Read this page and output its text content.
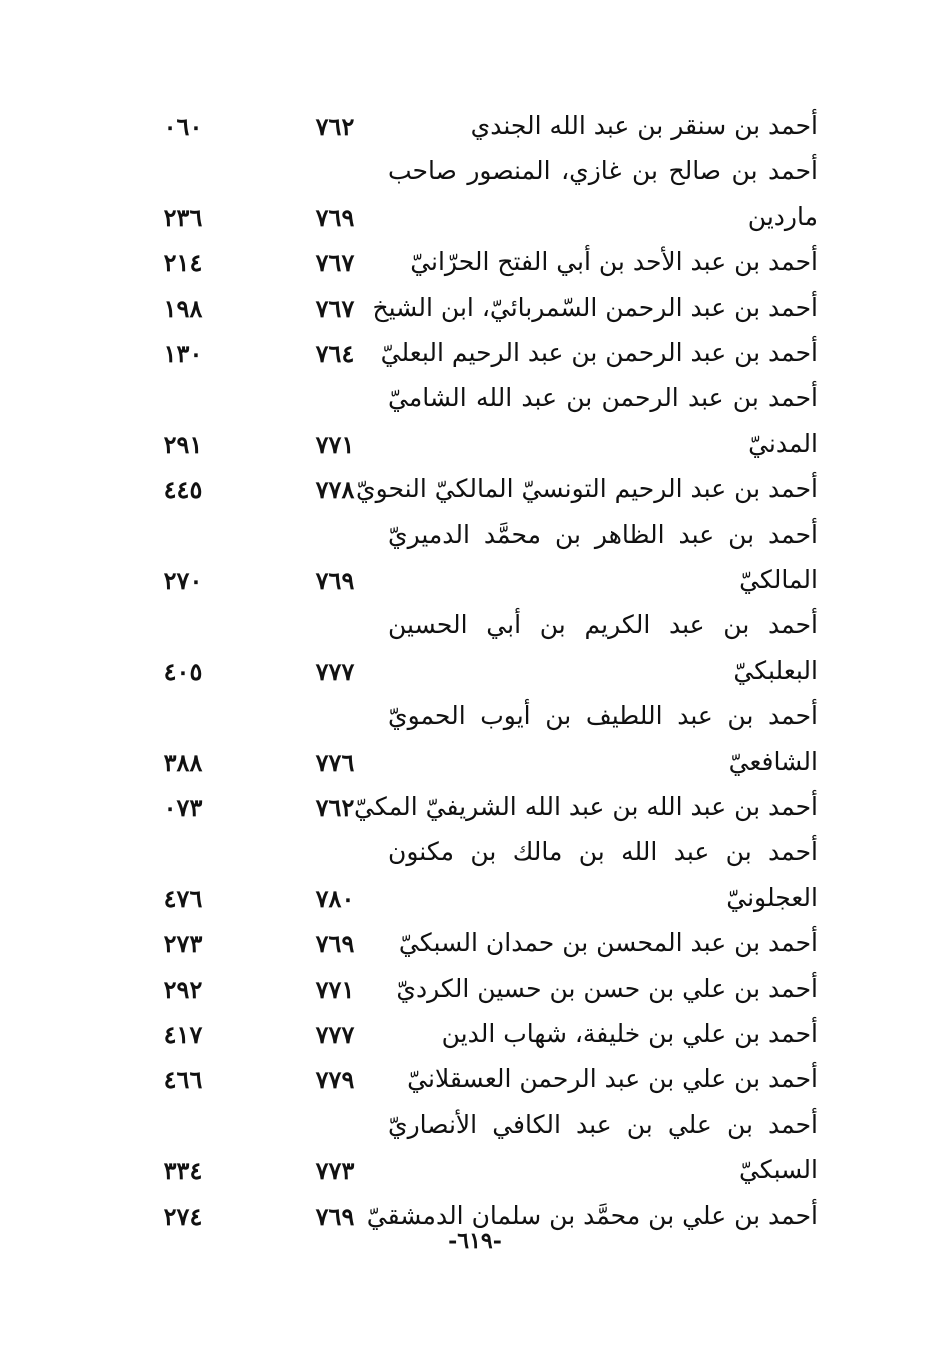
أحمد بن سنقر بن عبد الله الجندي
٧٦٢
٠٦٠
أحمد بن صالح بن غازي، المنصور صاحب
ماردين
٧٦٩
٢٣٦
أحمد بن عبد الأحد بن أبي الفتح الحرّانيّ
٧٦٧
٢١٤
أحمد بن عبد الرحمن السّمربائيّ، ابن الشيخ
٧٦٧
١٩٨
أحمد بن عبد الرحمن بن عبد الرحيم البعليّ
٧٦٤
١٣٠
أحمد بن عبد الرحمن بن عبد الله الشاميّ
المدنيّ
٧٧١
٢٩١
أحمد بن عبد الرحيم التونسيّ المالكيّ النحويّ
٧٧٨
٤٤٥
أحمد بن عبد الظاهر بن محمَّد الدميريّ
المالكيّ
٧٦٩
٢٧٠
أحمد بن عبد الكريم بن أبي الحسين
البعلبكيّ
٧٧٧
٤٠٥
أحمد بن عبد اللطيف بن أيوب الحمويّ
الشافعيّ
٧٧٦
٣٨٨
أحمد بن عبد الله بن عبد الله الشريفيّ المكيّ
٧٦٢
٠٧٣
أحمد بن عبد الله بن مالك بن مكنون
العجلونيّ
٧٨٠
٤٧٦
أحمد بن عبد المحسن بن حمدان السبكيّ
٧٦٩
٢٧٣
أحمد بن علي بن حسن بن حسين الكرديّ
٧٧١
٢٩٢
أحمد بن علي بن خليفة، شهاب الدين
٧٧٧
٤١٧
أحمد بن علي بن عبد الرحمن العسقلانيّ
٧٧٩
٤٦٦
أحمد بن علي بن عبد الكافي الأنصاريّ
السبكيّ
٧٧٣
٣٣٤
أحمد بن علي بن محمَّد بن سلمان الدمشقيّ
٧٦٩
٢٧٤
-٦١٩-
